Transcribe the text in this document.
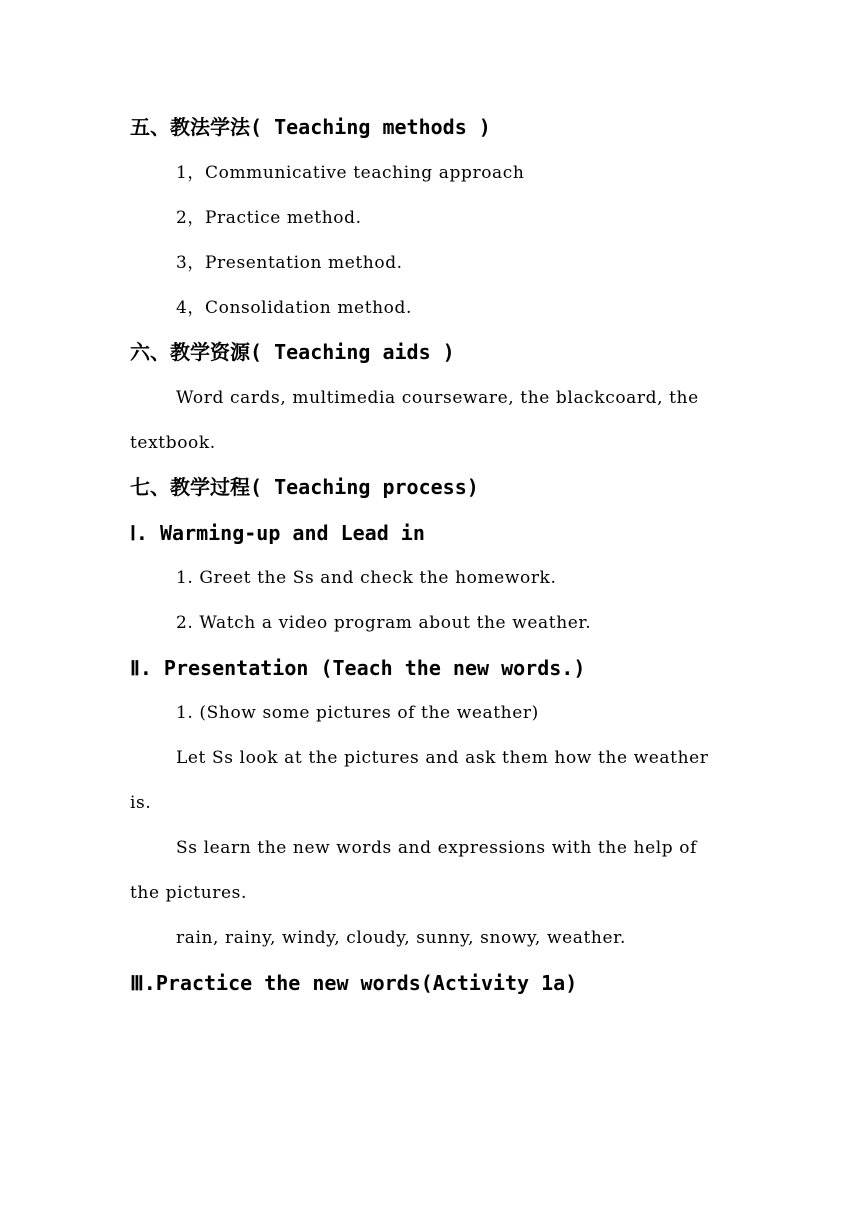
五、教法学法( Teaching methods )
1，Communicative teaching approach
2，Practice method.
3，Presentation method.
4，Consolidation method.
六、教学资源( Teaching aids )
Word cards, multimedia courseware, the blackcoard, the
textbook.
七、教学过程( Teaching process)
Ⅰ. Warming-up and Lead in
1. Greet the Ss and check the homework.
2. Watch a video program about the weather.
Ⅱ. Presentation (Teach the new words.)
1. (Show some pictures of the weather)
Let Ss look at the pictures and ask them how the weather
is.
Ss learn the new words and expressions with the help of
the pictures.
rain, rainy, windy, cloudy, sunny, snowy, weather.
Ⅲ.Practice the new words(Activity 1a)
